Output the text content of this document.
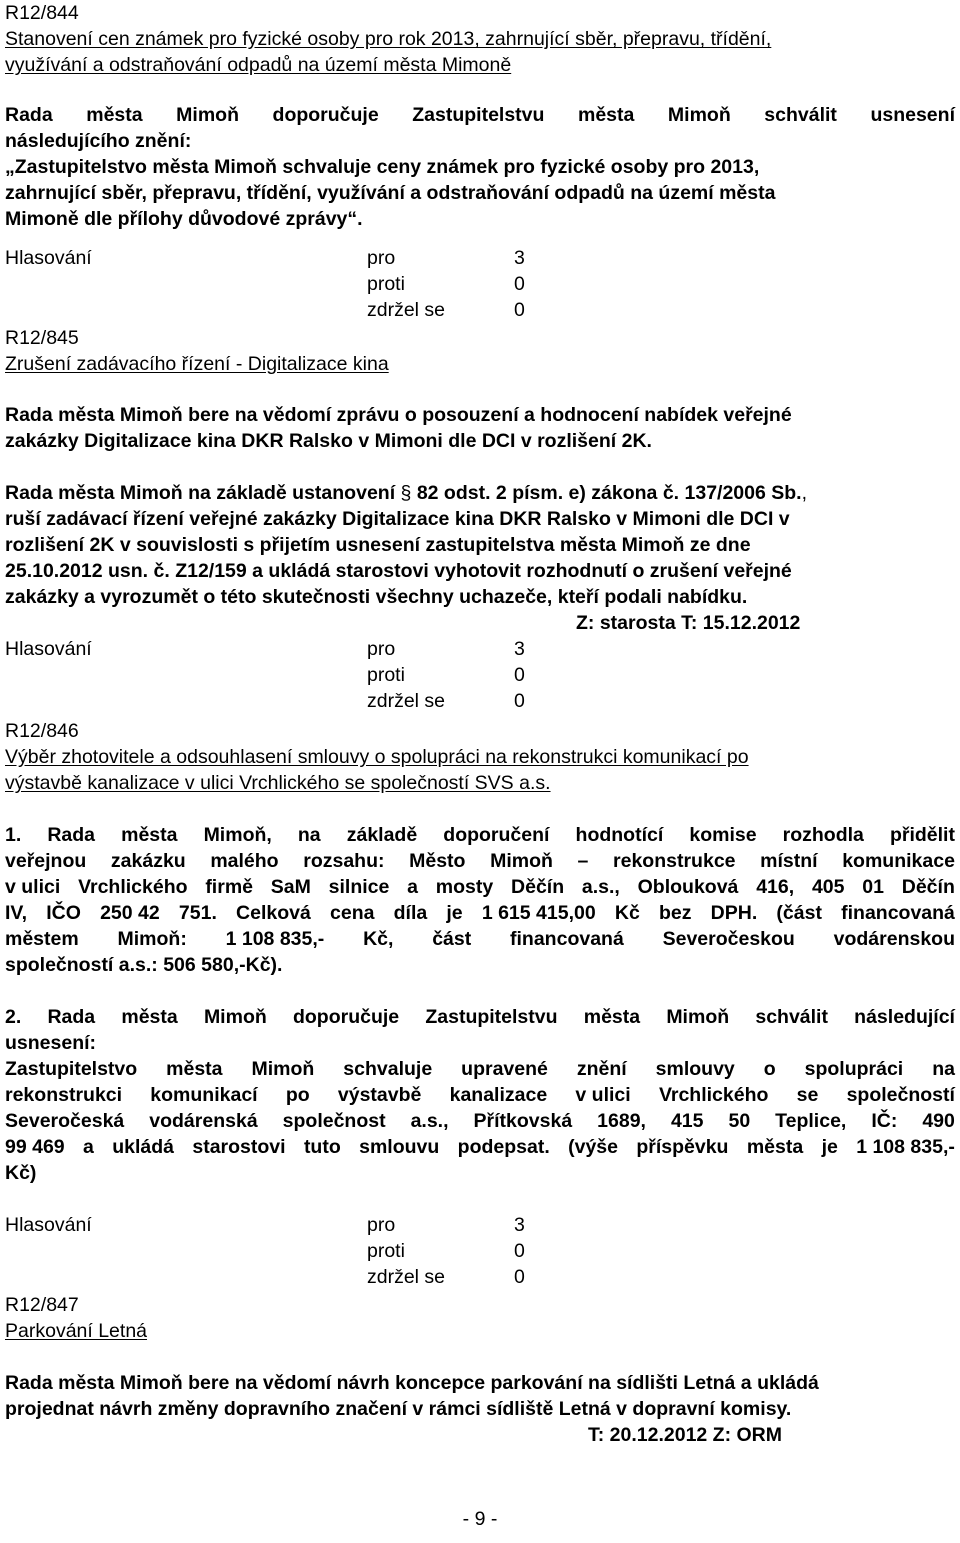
R12/844
Stanovení cen známek pro fyzické osoby pro rok 2013, zahrnující sběr, přepravu, třídění,
využívání a odstraňování odpadů na území města Mimoně
Rada města Mimoň doporučuje Zastupitelstvu města Mimoň schválit usnesení
následujícího znění:
„Zastupitelstvo města Mimoň schvaluje ceny známek pro fyzické osoby pro 2013,
zahrnující sběr, přepravu, třídění, využívání a odstraňování odpadů na území města
Mimoně dle přílohy důvodové zprávy“.
Hlasování	pro	3
proti	0
zdržel se	0
R12/845
Zrušení zadávacího řízení - Digitalizace kina
Rada města Mimoň bere na vědomí zprávu o posouzení a hodnocení nabídek veřejné
zakázky Digitalizace kina DKR Ralsko v Mimoni dle DCI v rozlišení 2K.
Rada města Mimoň na základě ustanovení § 82 odst. 2 písm. e) zákona č. 137/2006 Sb.,
ruší zadávací řízení veřejné zakázky Digitalizace kina DKR Ralsko v Mimoni dle DCI v
rozlišení 2K v souvislosti s přijetím usnesení zastupitelstva města Mimoň ze dne
25.10.2012 usn. č. Z12/159 a ukládá starostovi vyhotovit rozhodnutí o zrušení veřejné
zakázky a vyrozumět o této skutečnosti všechny uchazeče, kteří podali nabídku.
Z: starosta T: 15.12.2012
Hlasování	pro	3
proti	0
zdržel se	0
R12/846
Výběr zhotovitele a odsouhlasení smlouvy o spolupráci na rekonstrukci komunikací po
výstavbě kanalizace v ulici Vrchlického se společností SVS a.s.
1. Rada města Mimoň, na základě doporučení hodnotící komise rozhodla přidělit
veřejnou zakázku malého rozsahu: Město Mimoň – rekonstrukce místní komunikace
v ulici Vrchlického firmě SaM silnice a mosty Děčín a.s., Oblouková 416, 405 01 Děčín
IV, IČO 250 42 751. Celková cena díla je 1 615 415,00 Kč bez DPH. (část financovaná
městem Mimoň: 1 108 835,- Kč, část financovaná Severočeskou vodárenskou
společností a.s.: 506 580,-Kč).
2. Rada města Mimoň doporučuje Zastupitelstvu města Mimoň schválit následující
usnesení:
Zastupitelstvo města Mimoň schvaluje upravené znění smlouvy o spolupráci na
rekonstrukci komunikací po výstavbě kanalizace v ulici Vrchlického se společností
Severočeská vodárenská společnost a.s., Přítkovská 1689, 415 50 Teplice, IČ: 490
99 469 a ukládá starostovi tuto smlouvu podepsat. (výše příspěvku města je 1 108 835,-
Kč)
Hlasování	pro	3
proti	0
zdržel se	0
R12/847
Parkování Letná
Rada města Mimoň bere na vědomí návrh koncepce parkování na sídlišti Letná a ukládá
projednat návrh změny dopravního značení v rámci sídliště Letná v dopravní komisy.
T: 20.12.2012 Z: ORM
- 9 -
